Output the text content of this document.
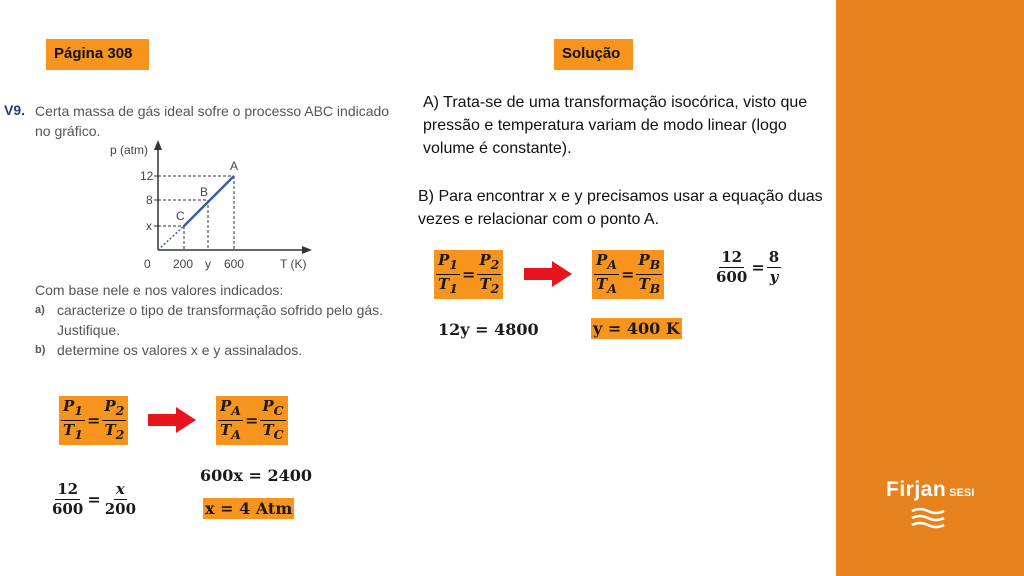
Firjan SESI
Página 308	Solução
V9. Certa massa de gás ideal sofre o processo ABC indicado no gráfico.
p (atm)
12
8
x
0 200 y 600	T (K)
A
B
C
Com base nele e nos valores indicados:
a) caracterize o tipo de transformação sofrido pelo gás. Justifique.
b) determine os valores x e y assinalados.
A) Trata-se de uma transformação isocórica, visto que pressão e temperatura variam de modo linear (logo volume é constante).
B) Para encontrar x e y precisamos usar a equação duas vezes e relacionar com o ponto A.
$\frac{P_1}{T_1} = \frac{P_2}{T_2}$	$\frac{P_A}{T_A} = \frac{P_B}{T_B}$	$\frac{12}{600} = \frac{8}{y}$
12y = 4800	y = 400 K
$\frac{P_1}{T_1} = \frac{P_2}{T_2}$	$\frac{P_A}{T_A} = \frac{P_C}{T_C}$
600x = 2400
$\frac{12}{600} = \frac{x}{200}$	x = 4 Atm
